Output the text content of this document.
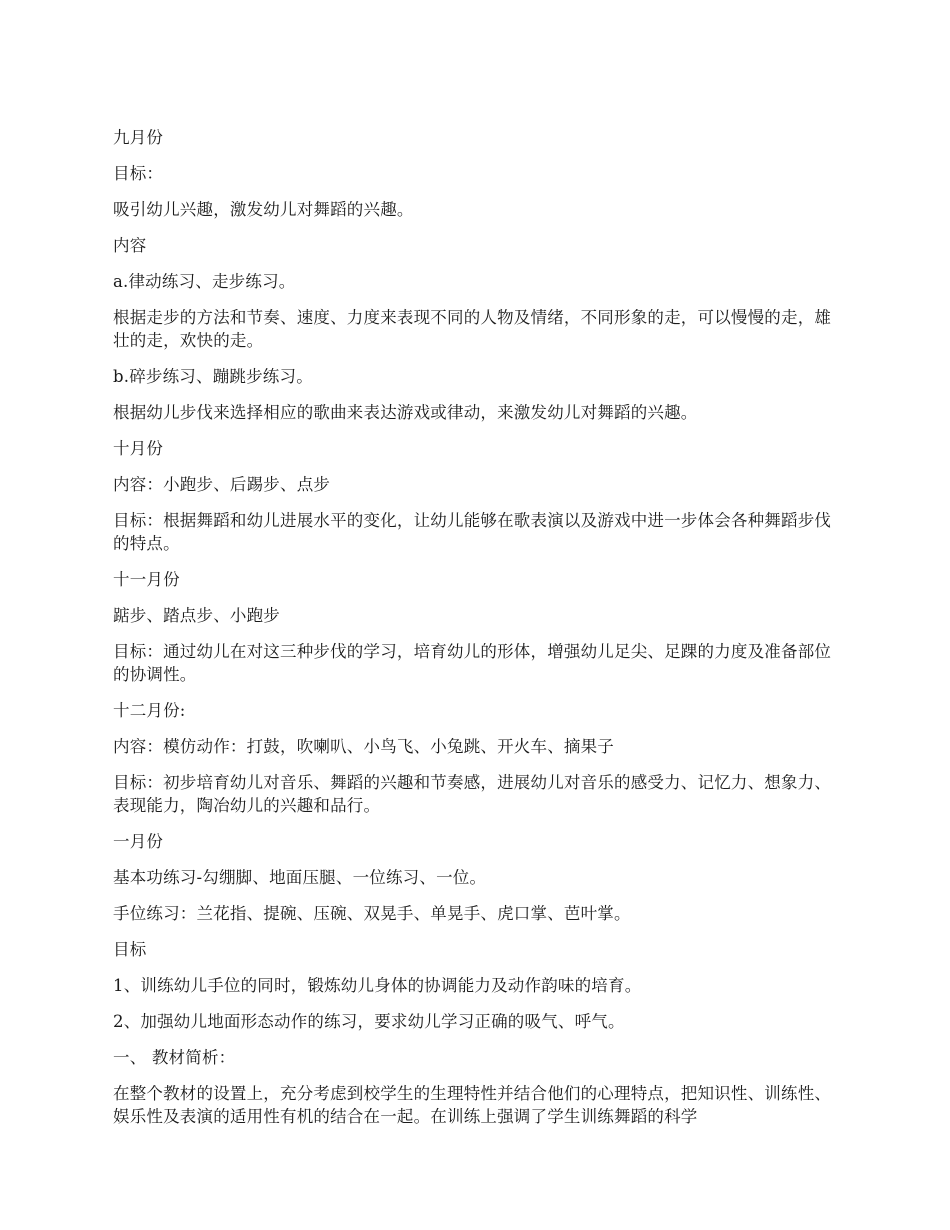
九月份

目标：

吸引幼儿兴趣，激发幼儿对舞蹈的兴趣。

内容

a.律动练习、走步练习。

根据走步的方法和节奏、速度、力度来表现不同的人物及情绪，不同形象的走，可以慢慢的走，雄壮的走，欢快的走。

b.碎步练习、蹦跳步练习。

根据幼儿步伐来选择相应的歌曲来表达游戏或律动，来激发幼儿对舞蹈的兴趣。

十月份

内容：小跑步、后踢步、点步

目标：根据舞蹈和幼儿进展水平的变化，让幼儿能够在歌表演以及游戏中进一步体会各种舞蹈步伐的特点。

十一月份

踮步、踏点步、小跑步

目标：通过幼儿在对这三种步伐的学习，培育幼儿的形体，增强幼儿足尖、足踝的力度及准备部位的协调性。

十二月份:

内容：模仿动作：打鼓，吹喇叭、小鸟飞、小兔跳、开火车、摘果子

目标：初步培育幼儿对音乐、舞蹈的兴趣和节奏感，进展幼儿对音乐的感受力、记忆力、想象力、表现能力，陶冶幼儿的兴趣和品行。

一月份

基本功练习-勾绷脚、地面压腿、一位练习、一位。

手位练习：兰花指、提碗、压碗、双晃手、单晃手、虎口掌、芭叶掌。

目标

1、训练幼儿手位的同时，锻炼幼儿身体的协调能力及动作韵味的培育。

2、加强幼儿地面形态动作的练习，要求幼儿学习正确的吸气、呼气。

一、 教材简析：

在整个教材的设置上，充分考虑到校学生的生理特性并结合他们的心理特点，把知识性、训练性、娱乐性及表演的适用性有机的结合在一起。在训练上强调了学生训练舞蹈的科学
